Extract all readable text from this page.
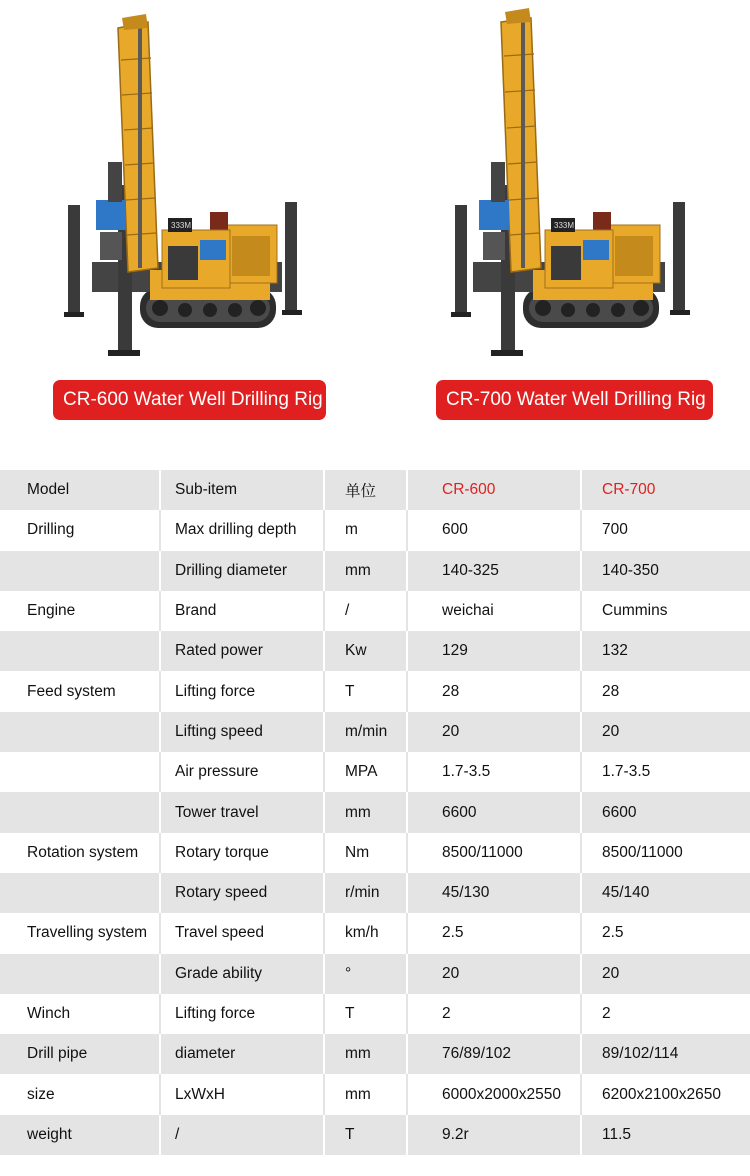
333M
CR-600 Water Well Drilling Rig
333M
CR-700 Water Well Drilling Rig
Model	Sub-item	单位	CR-600	CR-700
Drilling	Max drilling depth	m	600	700
	Drilling diameter	mm	140-325	140-350
Engine	Brand	/	weichai	Cummins
	Rated power	Kw	129	132
Feed system	Lifting force	T	28	28
	Lifting speed	m/min	20	20
	Air pressure	MPA	1.7-3.5	1.7-3.5
	Tower travel	mm	6600	6600
Rotation system	Rotary torque	Nm	8500/11000	8500/11000
	Rotary speed	r/min	45/130	45/140
Travelling system	Travel speed	km/h	2.5	2.5
	Grade ability	°	20	20
Winch	Lifting force	T	2	2
Drill pipe	diameter	mm	76/89/102	89/102/114
size	LxWxH	mm	6000x2000x2550	6200x2100x2650
weight	/	T	9.2r	11.5
